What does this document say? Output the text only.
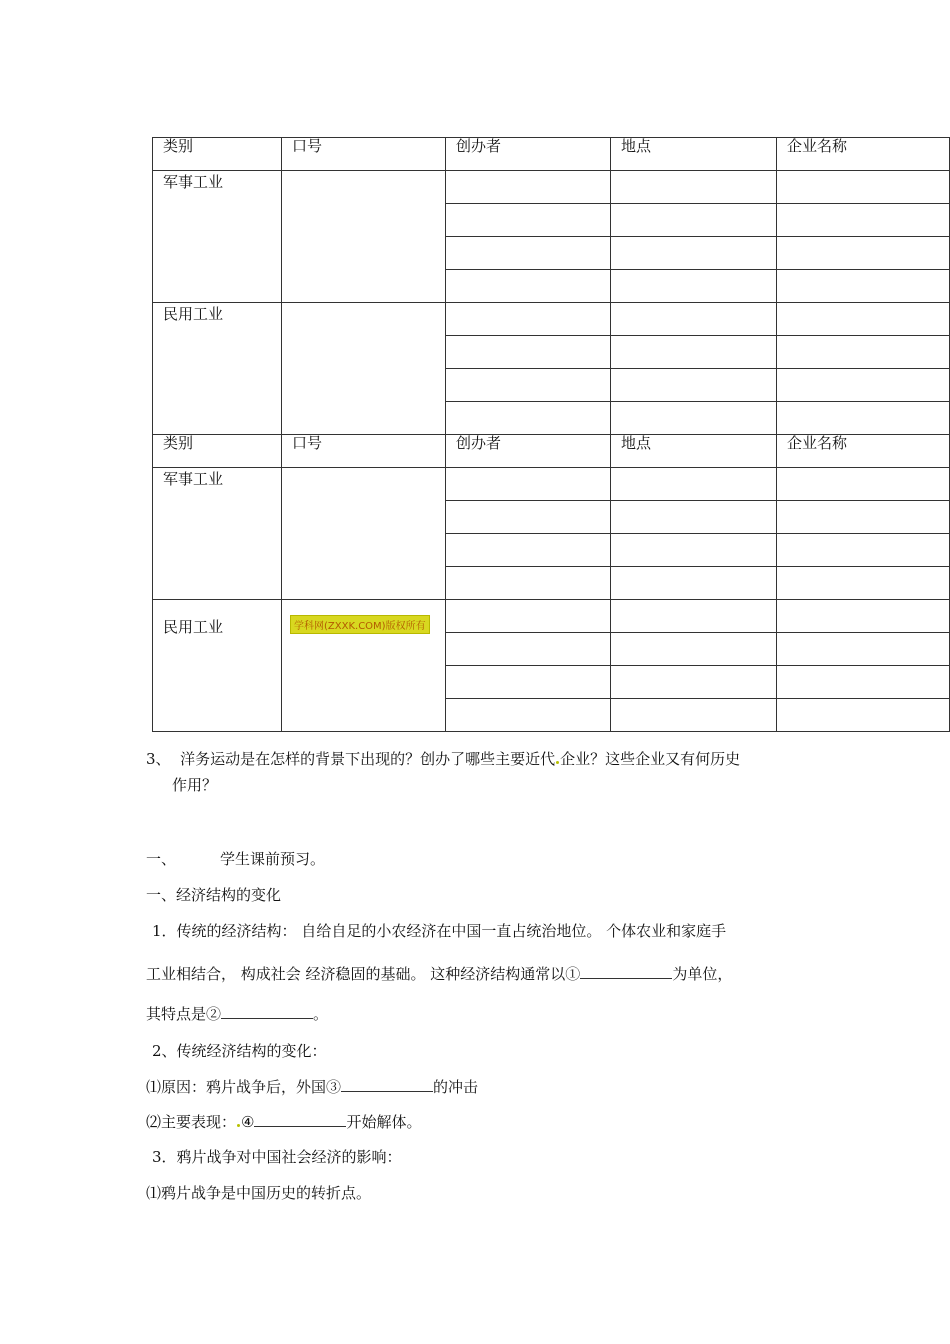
类别	口号	创办者	地点	企业名称

军事工业				

民用工业				

类别	口号	创办者	地点	企业名称

军事工业				

民用工业	学科网(ZXXK.COM)版权所有			

3、 洋务运动是在怎样的背景下出现的？创办了哪些主要近代 企业？这些企业又有何历史
作用？
一、	学生课前预习。
一、经济结构的变化
1．传统的经济结构： 自给自足的小农经济在中国一直占统治地位。 个体农业和家庭手
工业相结合， 构成社会 经济稳固的基础。 这种经济结构通常以①	为单位，
其特点是②	。
2、传统经济结构的变化：
⑴原因：鸦片战争后，外国③	的冲击
⑵主要表现： ④	开始解体。
3．鸦片战争对中国社会经济的影响：
⑴鸦片战争是中国历史的转折点。
